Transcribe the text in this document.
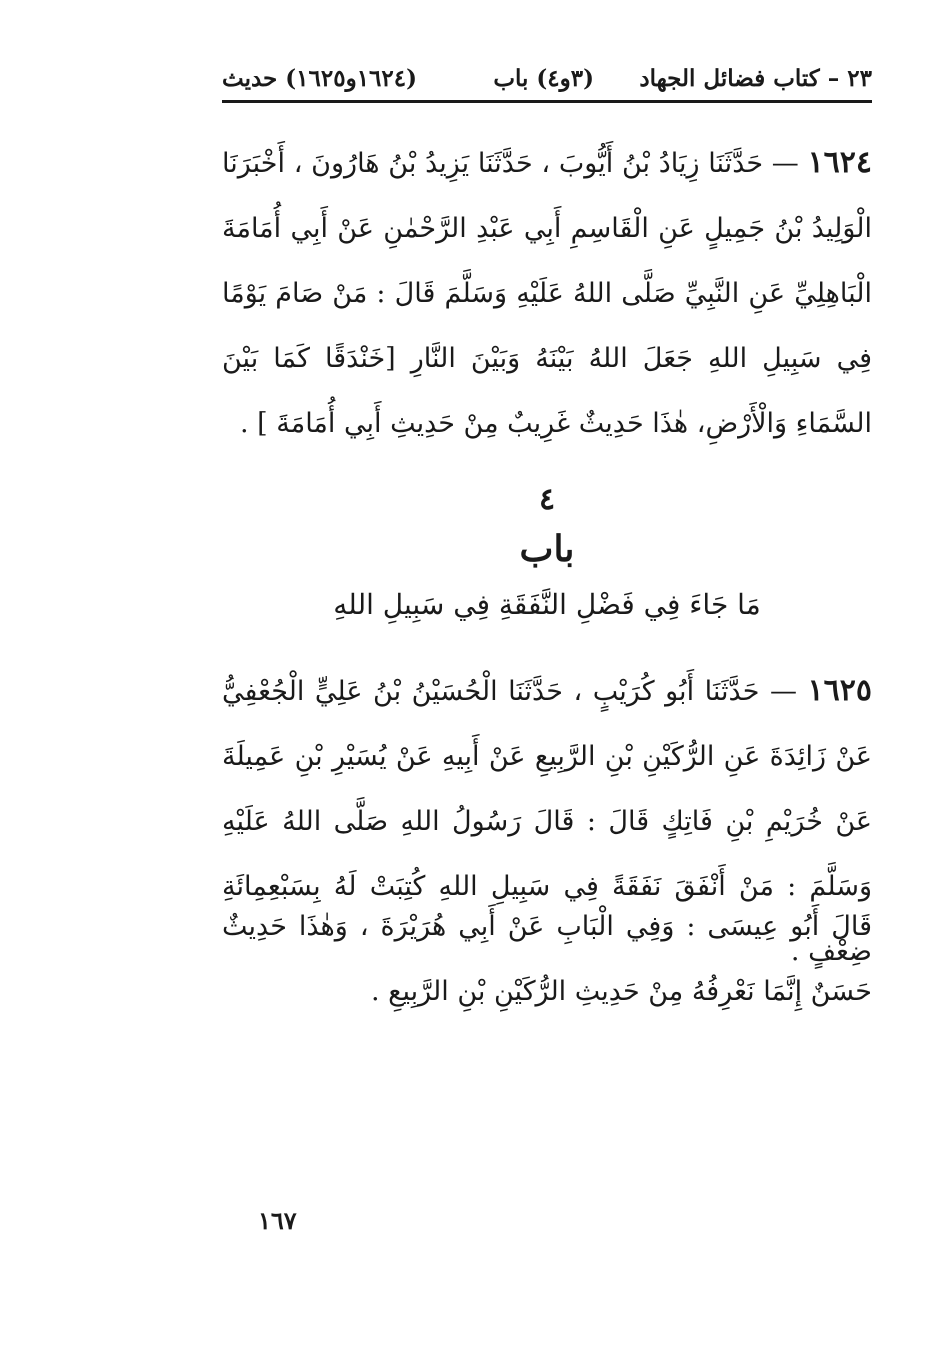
٢٣ – كتاب فضائل الجهاد
(٣و٤) باب
(١٦٢٤و١٦٢٥) حديث

١٦٢٤ — حَدَّثَنَا زِيَادُ بْنُ أَيُّوبَ ، حَدَّثَنَا يَزِيدُ بْنُ هَارُونَ ، أَخْبَرَنَا الْوَلِيدُ بْنُ جَمِيلٍ عَنِ الْقَاسِمِ أَبِي عَبْدِ الرَّحْمٰنِ عَنْ أَبِي أُمَامَةَ الْبَاهِلِيِّ عَنِ النَّبِيِّ صَلَّى اللهُ عَلَيْهِ وَسَلَّمَ قَالَ : مَنْ صَامَ يَوْمًا فِي سَبِيلِ اللهِ جَعَلَ اللهُ بَيْنَهُ وَبَيْنَ النَّارِ [خَنْدَقًا كَمَا بَيْنَ السَّمَاءِ وَالْأَرْضِ، هٰذَا حَدِيثٌ غَرِيبٌ مِنْ حَدِيثِ أَبِي أُمَامَةَ ] .

٤
باب
مَا جَاءَ فِي فَضْلِ النَّفَقَةِ فِي سَبِيلِ اللهِ

١٦٢٥ — حَدَّثَنَا أَبُو كُرَيْبٍ ، حَدَّثَنَا الْحُسَيْنُ بْنُ عَلِيٍّ الْجُعْفِيُّ عَنْ زَائِدَةَ عَنِ الرُّكَيْنِ بْنِ الرَّبِيعِ عَنْ أَبِيهِ عَنْ يُسَيْرِ بْنِ عَمِيلَةَ عَنْ خُرَيْمِ بْنِ فَاتِكٍ قَالَ : قَالَ رَسُولُ اللهِ صَلَّى اللهُ عَلَيْهِ وَسَلَّمَ : مَنْ أَنْفَقَ نَفَقَةً فِي سَبِيلِ اللهِ كُتِبَتْ لَهُ بِسَبْعِمِائَةِ ضِعْفٍ .

قَالَ أَبُو عِيسَى : وَفِي الْبَابِ عَنْ أَبِي هُرَيْرَةَ ، وَهٰذَا حَدِيثٌ حَسَنٌ إِنَّمَا نَعْرِفُهُ مِنْ حَدِيثِ الرُّكَيْنِ بْنِ الرَّبِيعِ .

١٦٧
